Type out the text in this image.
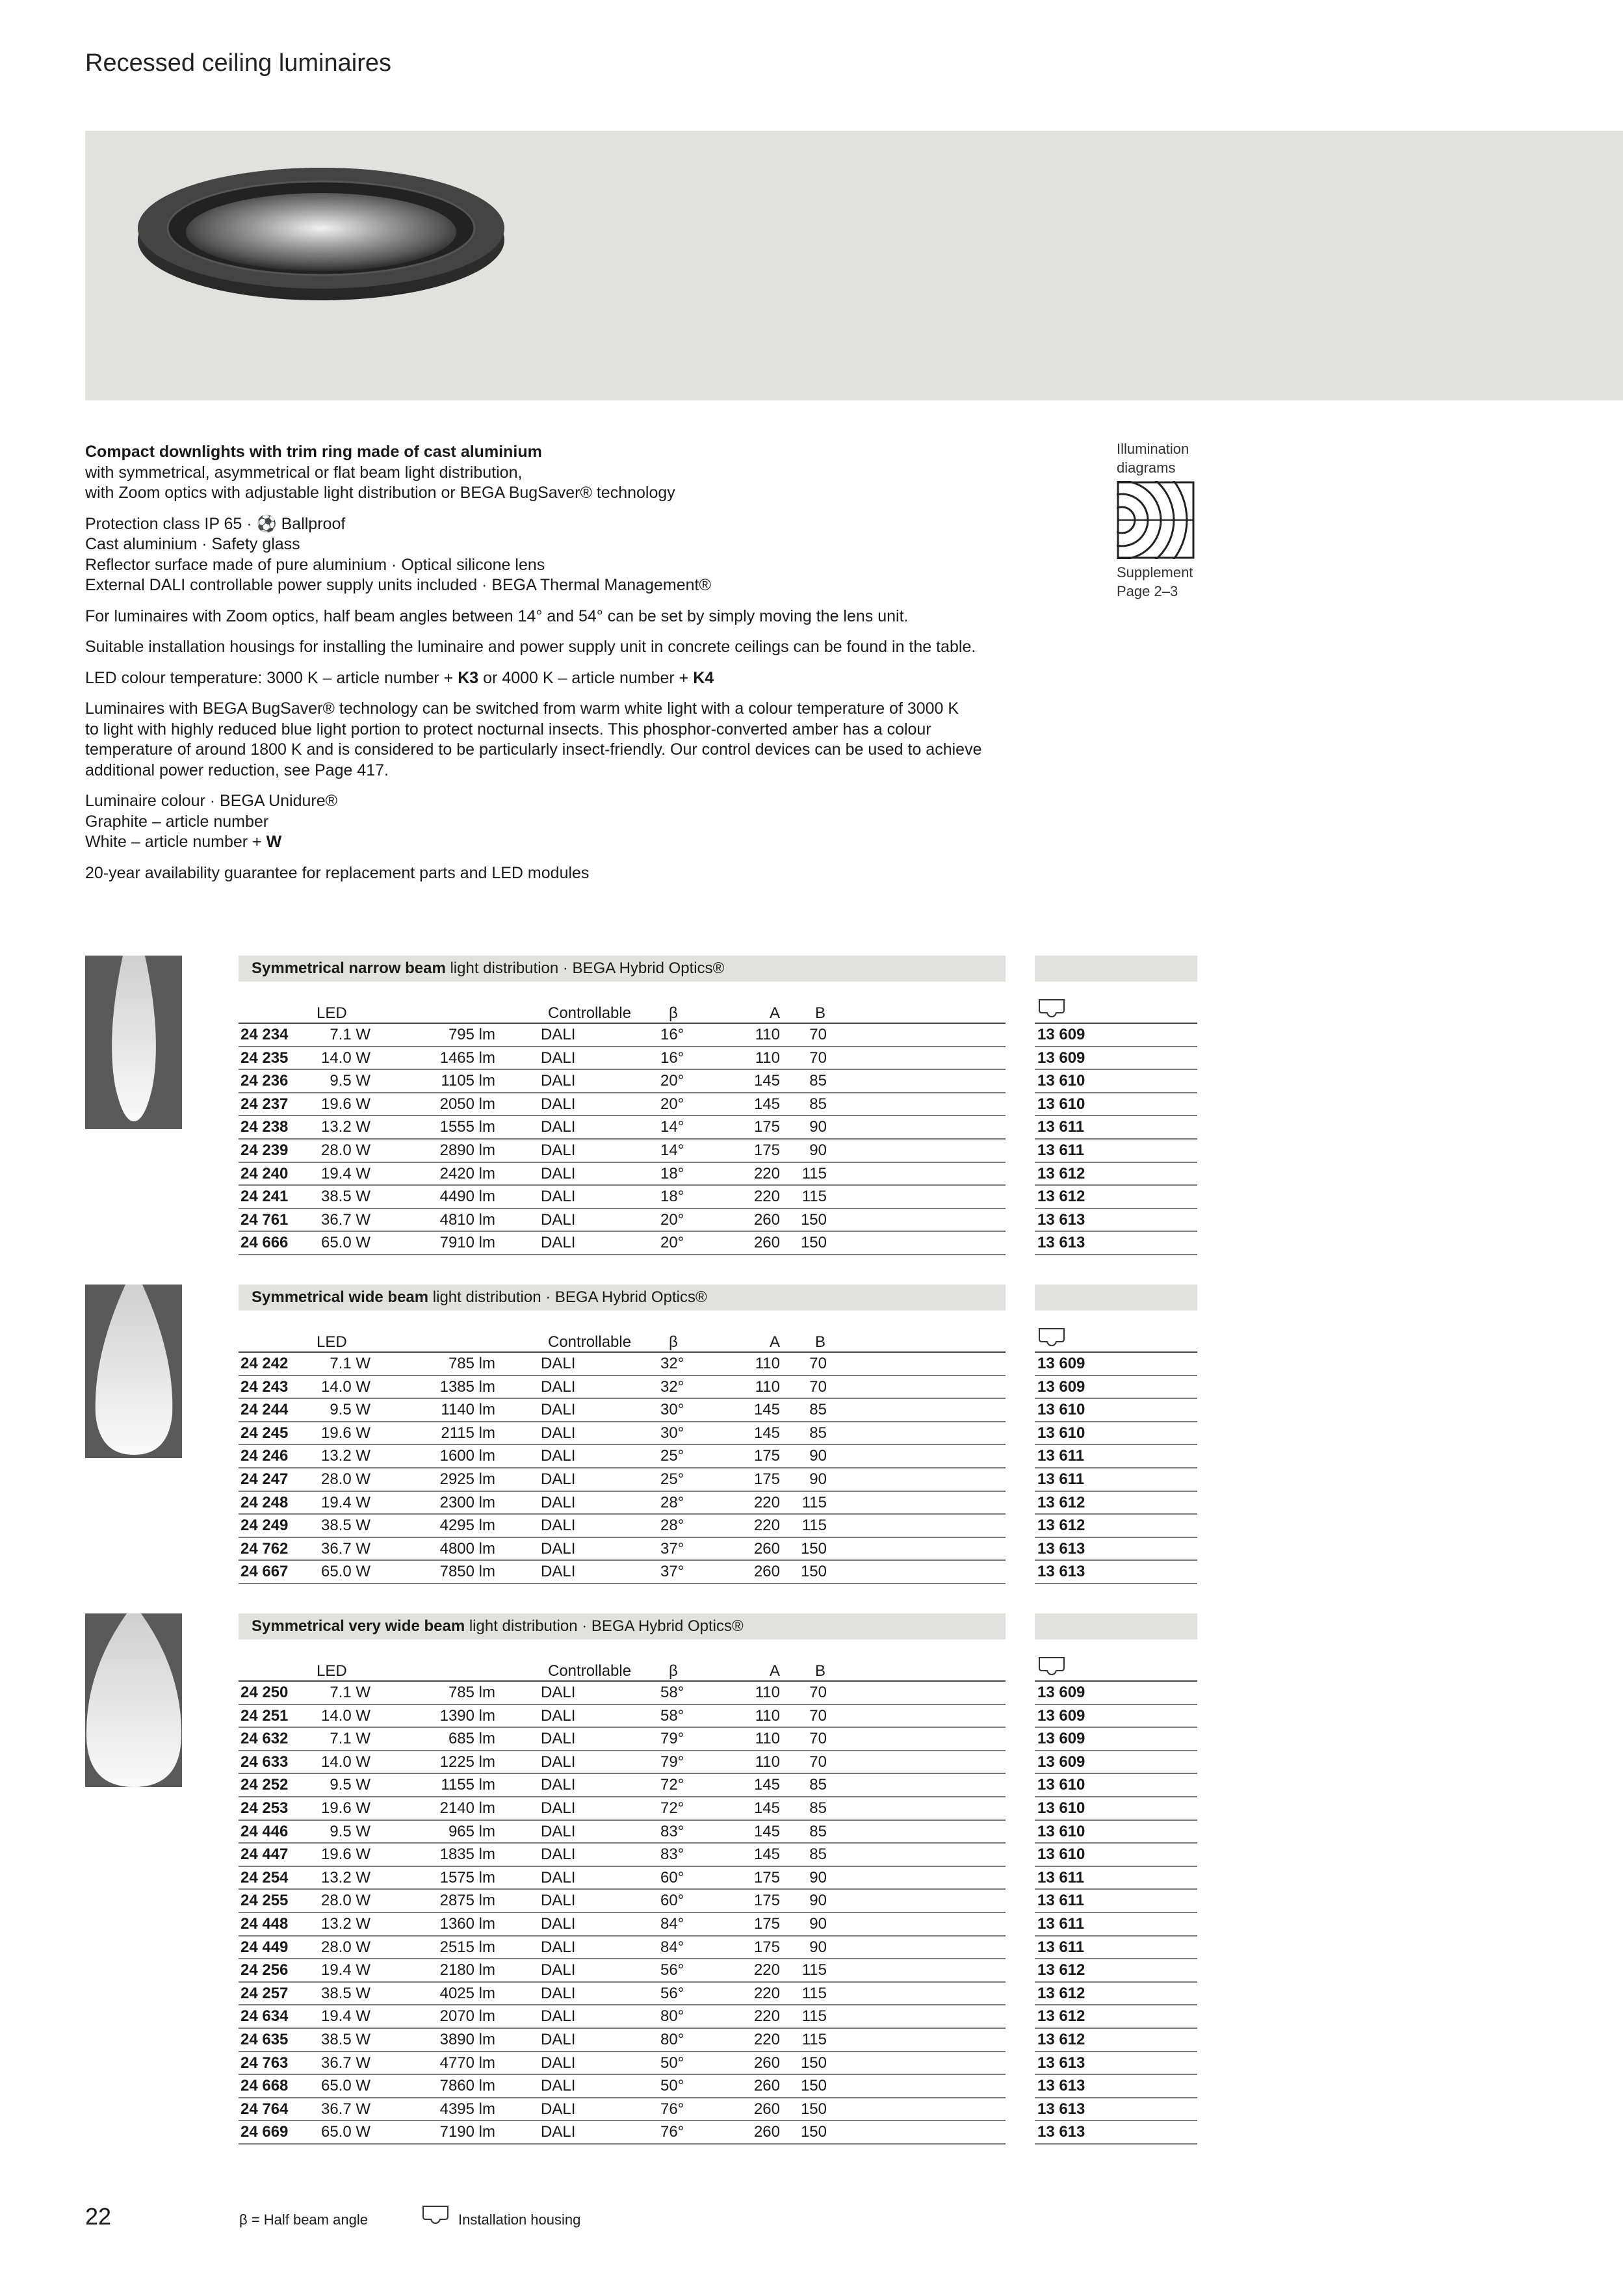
Recessed ceiling luminaires

Compact downlights with trim ring made of cast aluminium
with symmetrical, asymmetrical or flat beam light distribution,
with Zoom optics with adjustable light distribution or BEGA BugSaver® technology

Protection class IP 65 · ⚽ Ballproof
Cast aluminium · Safety glass
Reflector surface made of pure aluminium · Optical silicone lens
External DALI controllable power supply units included · BEGA Thermal Management®

For luminaires with Zoom optics, half beam angles between 14° and 54° can be set by simply moving the lens unit.

Suitable installation housings for installing the luminaire and power supply unit in concrete ceilings can be found in the table.

LED colour temperature: 3000 K – article number + K3 or 4000 K – article number + K4

Luminaires with BEGA BugSaver® technology can be switched from warm white light with a colour temperature of 3000 K
to light with highly reduced blue light portion to protect nocturnal insects. This phosphor-converted amber has a colour
temperature of around 1800 K and is considered to be particularly insect-friendly. Our control devices can be used to achieve
additional power reduction, see Page 417.

Luminaire colour · BEGA Unidure®
Graphite – article number
White – article number + W

20-year availability guarantee for replacement parts and LED modules

Illumination
diagrams
Supplement
Page 2–3
Symmetrical narrow beam light distribution · BEGA Hybrid Optics®
LED	Controllable β	A B
24 234	7.1 W	795 lm	DALI	16°	110	70	13 609
24 235	14.0 W	1465 lm	DALI	16°	110	70	13 609
24 236	9.5 W	1105 lm	DALI	20°	145	85	13 610
24 237	19.6 W	2050 lm	DALI	20°	145	85	13 610
24 238	13.2 W	1555 lm	DALI	14°	175	90	13 611
24 239	28.0 W	2890 lm	DALI	14°	175	90	13 611
24 240	19.4 W	2420 lm	DALI	18°	220	115	13 612
24 241	38.5 W	4490 lm	DALI	18°	220	115	13 612
24 761	36.7 W	4810 lm	DALI	20°	260	150	13 613
24 666	65.0 W	7910 lm	DALI	20°	260	150	13 613
Symmetrical wide beam light distribution · BEGA Hybrid Optics®
LED	Controllable β	A B
24 242	7.1 W	785 lm	DALI	32°	110	70	13 609
24 243	14.0 W	1385 lm	DALI	32°	110	70	13 609
24 244	9.5 W	1140 lm	DALI	30°	145	85	13 610
24 245	19.6 W	2115 lm	DALI	30°	145	85	13 610
24 246	13.2 W	1600 lm	DALI	25°	175	90	13 611
24 247	28.0 W	2925 lm	DALI	25°	175	90	13 611
24 248	19.4 W	2300 lm	DALI	28°	220	115	13 612
24 249	38.5 W	4295 lm	DALI	28°	220	115	13 612
24 762	36.7 W	4800 lm	DALI	37°	260	150	13 613
24 667	65.0 W	7850 lm	DALI	37°	260	150	13 613
Symmetrical very wide beam light distribution · BEGA Hybrid Optics®
LED	Controllable β	A B
24 250	7.1 W	785 lm	DALI	58°	110	70	13 609
24 251	14.0 W	1390 lm	DALI	58°	110	70	13 609
24 632	7.1 W	685 lm	DALI	79°	110	70	13 609
24 633	14.0 W	1225 lm	DALI	79°	110	70	13 609
24 252	9.5 W	1155 lm	DALI	72°	145	85	13 610
24 253	19.6 W	2140 lm	DALI	72°	145	85	13 610
24 446	9.5 W	965 lm	DALI	83°	145	85	13 610
24 447	19.6 W	1835 lm	DALI	83°	145	85	13 610
24 254	13.2 W	1575 lm	DALI	60°	175	90	13 611
24 255	28.0 W	2875 lm	DALI	60°	175	90	13 611
24 448	13.2 W	1360 lm	DALI	84°	175	90	13 611
24 449	28.0 W	2515 lm	DALI	84°	175	90	13 611
24 256	19.4 W	2180 lm	DALI	56°	220	115	13 612
24 257	38.5 W	4025 lm	DALI	56°	220	115	13 612
24 634	19.4 W	2070 lm	DALI	80°	220	115	13 612
24 635	38.5 W	3890 lm	DALI	80°	220	115	13 612
24 763	36.7 W	4770 lm	DALI	50°	260	150	13 613
24 668	65.0 W	7860 lm	DALI	50°	260	150	13 613
24 764	36.7 W	4395 lm	DALI	76°	260	150	13 613
24 669	65.0 W	7190 lm	DALI	76°	260	150	13 613
22	β = Half beam angle	Installation housing
